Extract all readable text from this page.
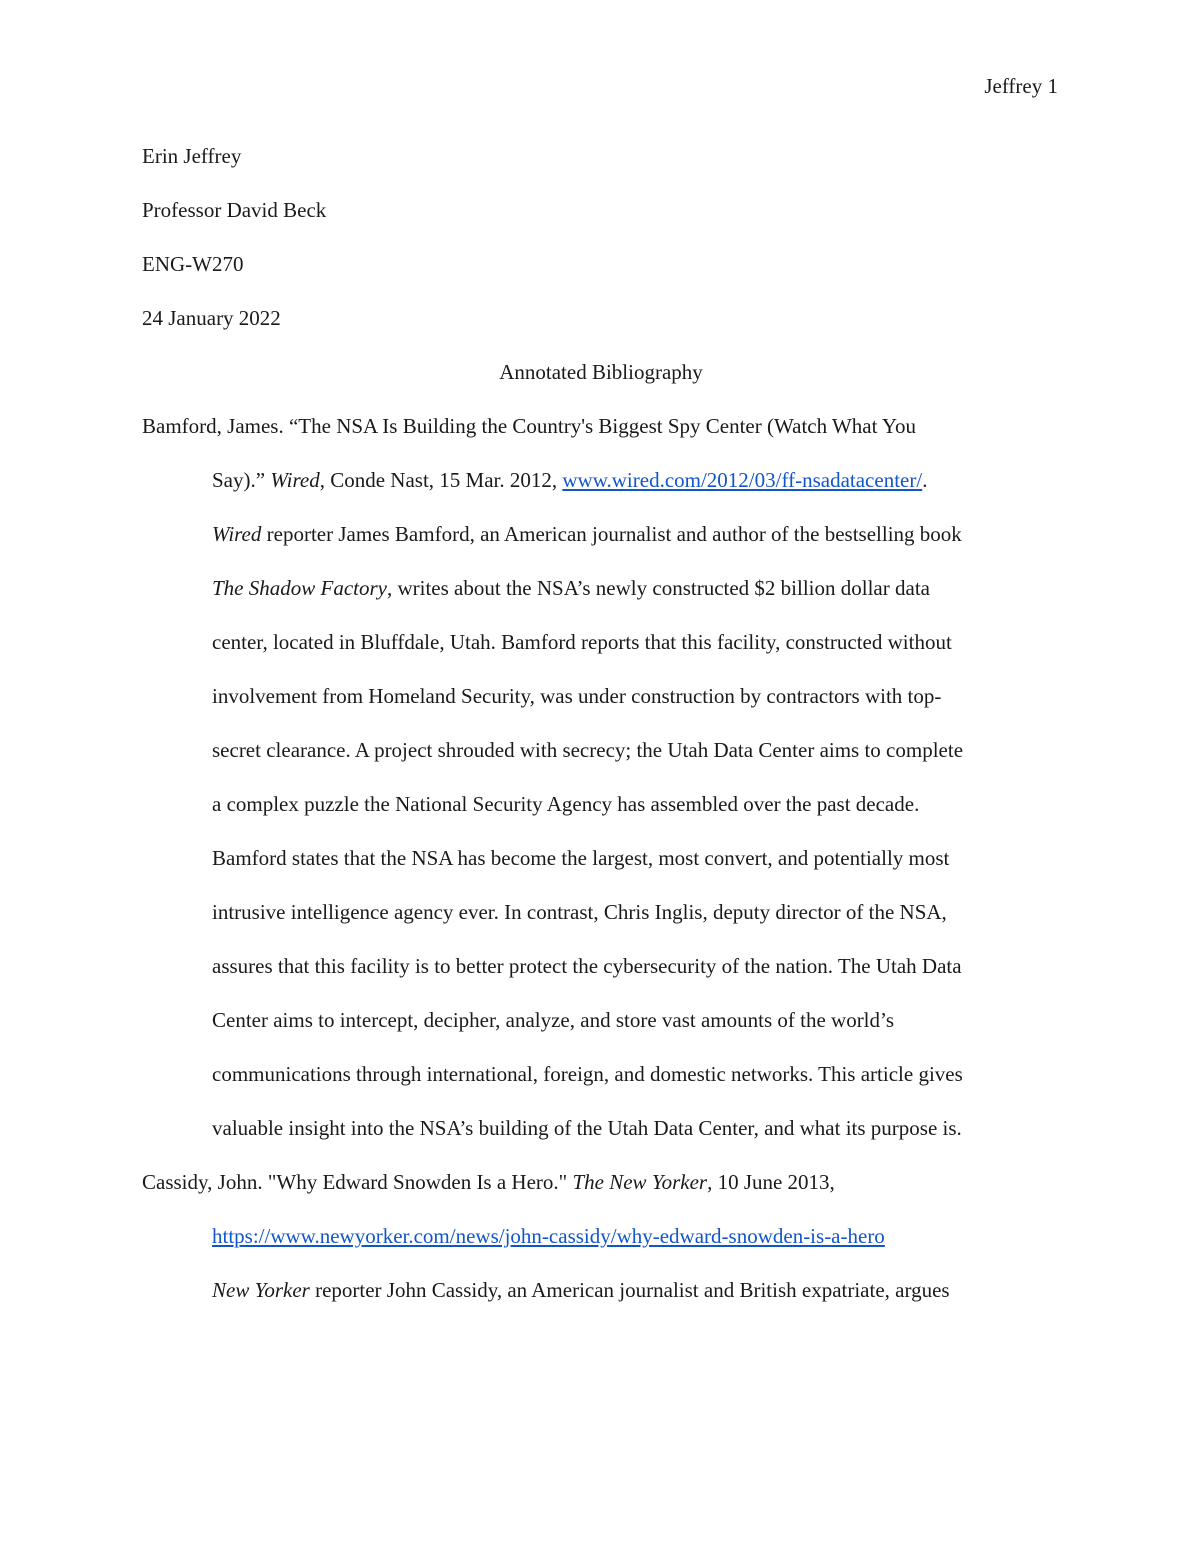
Jeffrey 1
Erin Jeffrey
Professor David Beck
ENG-W270
24 January 2022
Annotated Bibliography
Bamford, James. “The NSA Is Building the Country's Biggest Spy Center (Watch What You
Say).” Wired, Conde Nast, 15 Mar. 2012, www.wired.com/2012/03/ff-nsadatacenter/.
Wired reporter James Bamford, an American journalist and author of the bestselling book
The Shadow Factory, writes about the NSA’s newly constructed $2 billion dollar data
center, located in Bluffdale, Utah. Bamford reports that this facility, constructed without
involvement from Homeland Security, was under construction by contractors with top-
secret clearance. A project shrouded with secrecy; the Utah Data Center aims to complete
a complex puzzle the National Security Agency has assembled over the past decade.
Bamford states that the NSA has become the largest, most convert, and potentially most
intrusive intelligence agency ever. In contrast, Chris Inglis, deputy director of the NSA,
assures that this facility is to better protect the cybersecurity of the nation. The Utah Data
Center aims to intercept, decipher, analyze, and store vast amounts of the world’s
communications through international, foreign, and domestic networks. This article gives
valuable insight into the NSA’s building of the Utah Data Center, and what its purpose is.
Cassidy, John. "Why Edward Snowden Is a Hero." The New Yorker, 10 June 2013,
https://www.newyorker.com/news/john-cassidy/why-edward-snowden-is-a-hero
New Yorker reporter John Cassidy, an American journalist and British expatriate, argues
